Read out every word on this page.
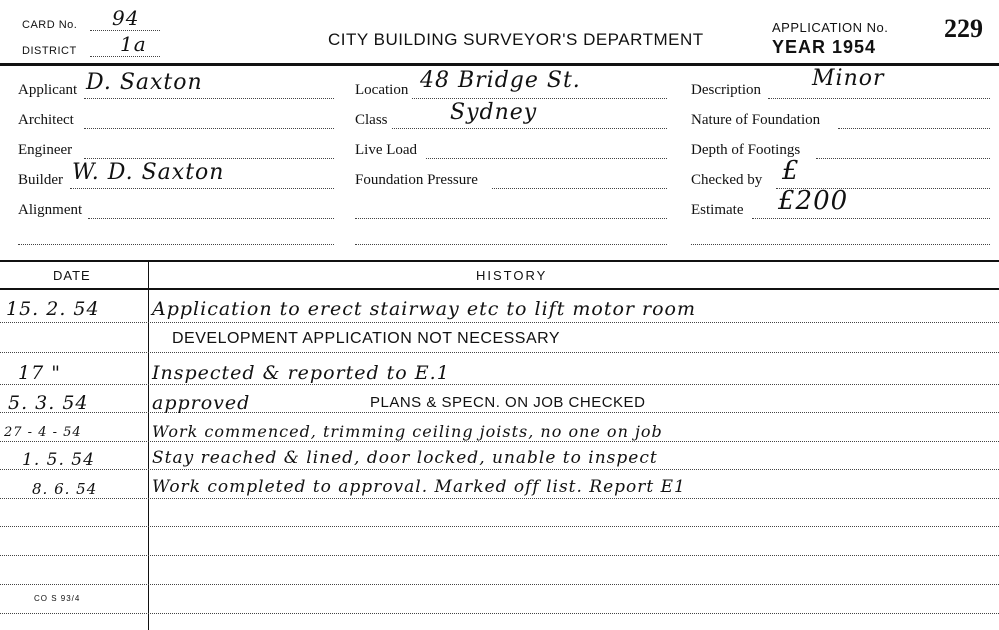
CARD No. 94
DISTRICT 1a	CITY BUILDING SURVEYOR'S DEPARTMENT
APPLICATION No. 229
YEAR 1954
Applicant D. Saxton
Architect
Engineer
Builder W. D. Saxton
Alignment
Location 48 Bridge St.
Class	Sydney
Live Load
Foundation Pressure
Description Minor
Nature of Foundation
Depth of Footings
Checked by £
Estimate £200
DATE	HISTORY
15. 2. 54	Application to erect stairway etc to lift motor room
DEVELOPMENT APPLICATION NOT NECESSARY
17 "	Inspected & reported to E.1
5. 3. 54	approved	PLANS & SPECN. ON JOB CHECKED
27 - 4 - 54	Work commenced, trimming ceiling joists, no one on job
1. 5. 54	Stay reached & lined, door locked, unable to inspect
8. 6. 54	Work completed to approval. Marked off list. Report E1
CO S 93/4
